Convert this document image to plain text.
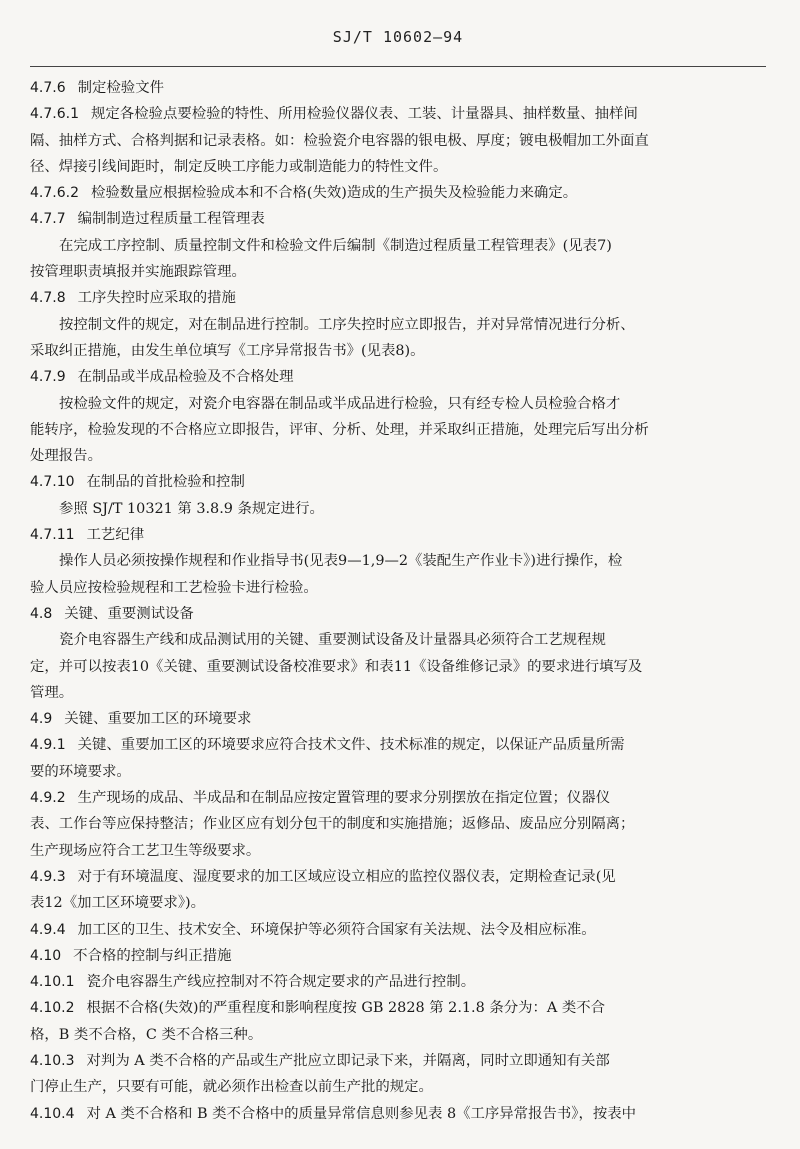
SJ/T 10602—94
4.7.6 制定检验文件
4.7.6.1 规定各检验点要检验的特性、所用检验仪器仪表、工装、计量器具、抽样数量、抽样间
隔、抽样方式、合格判据和记录表格。如：检验瓷介电容器的银电极、厚度；镀电极帽加工外面直
径、焊接引线间距时，制定反映工序能力或制造能力的特性文件。
4.7.6.2 检验数量应根据检验成本和不合格(失效)造成的生产损失及检验能力来确定。
4.7.7 编制制造过程质量工程管理表
在完成工序控制、质量控制文件和检验文件后编制《制造过程质量工程管理表》(见表7)
按管理职责填报并实施跟踪管理。
4.7.8 工序失控时应采取的措施
按控制文件的规定，对在制品进行控制。工序失控时应立即报告，并对异常情况进行分析、
采取纠正措施，由发生单位填写《工序异常报告书》(见表8)。
4.7.9 在制品或半成品检验及不合格处理
按检验文件的规定，对瓷介电容器在制品或半成品进行检验，只有经专检人员检验合格才
能转序，检验发现的不合格应立即报告，评审、分析、处理，并采取纠正措施，处理完后写出分析
处理报告。
4.7.10 在制品的首批检验和控制
参照 SJ/T 10321 第 3.8.9 条规定进行。
4.7.11 工艺纪律
操作人员必须按操作规程和作业指导书(见表9—1,9—2《装配生产作业卡》)进行操作，检
验人员应按检验规程和工艺检验卡进行检验。
4.8 关键、重要测试设备
瓷介电容器生产线和成品测试用的关键、重要测试设备及计量器具必须符合工艺规程规
定，并可以按表10《关键、重要测试设备校准要求》和表11《设备维修记录》的要求进行填写及
管理。
4.9 关键、重要加工区的环境要求
4.9.1 关键、重要加工区的环境要求应符合技术文件、技术标准的规定，以保证产品质量所需
要的环境要求。
4.9.2 生产现场的成品、半成品和在制品应按定置管理的要求分别摆放在指定位置；仪器仪
表、工作台等应保持整洁；作业区应有划分包干的制度和实施措施；返修品、废品应分别隔离；
生产现场应符合工艺卫生等级要求。
4.9.3 对于有环境温度、湿度要求的加工区域应设立相应的监控仪器仪表，定期检查记录(见
表12《加工区环境要求》)。
4.9.4 加工区的卫生、技术安全、环境保护等必须符合国家有关法规、法令及相应标准。
4.10 不合格的控制与纠正措施
4.10.1 瓷介电容器生产线应控制对不符合规定要求的产品进行控制。
4.10.2 根据不合格(失效)的严重程度和影响程度按 GB 2828 第 2.1.8 条分为：A 类不合
格，B 类不合格，C 类不合格三种。
4.10.3 对判为 A 类不合格的产品或生产批应立即记录下来，并隔离，同时立即通知有关部
门停止生产，只要有可能，就必须作出检查以前生产批的规定。
4.10.4 对 A 类不合格和 B 类不合格中的质量异常信息则参见表 8《工序异常报告书》，按表中
